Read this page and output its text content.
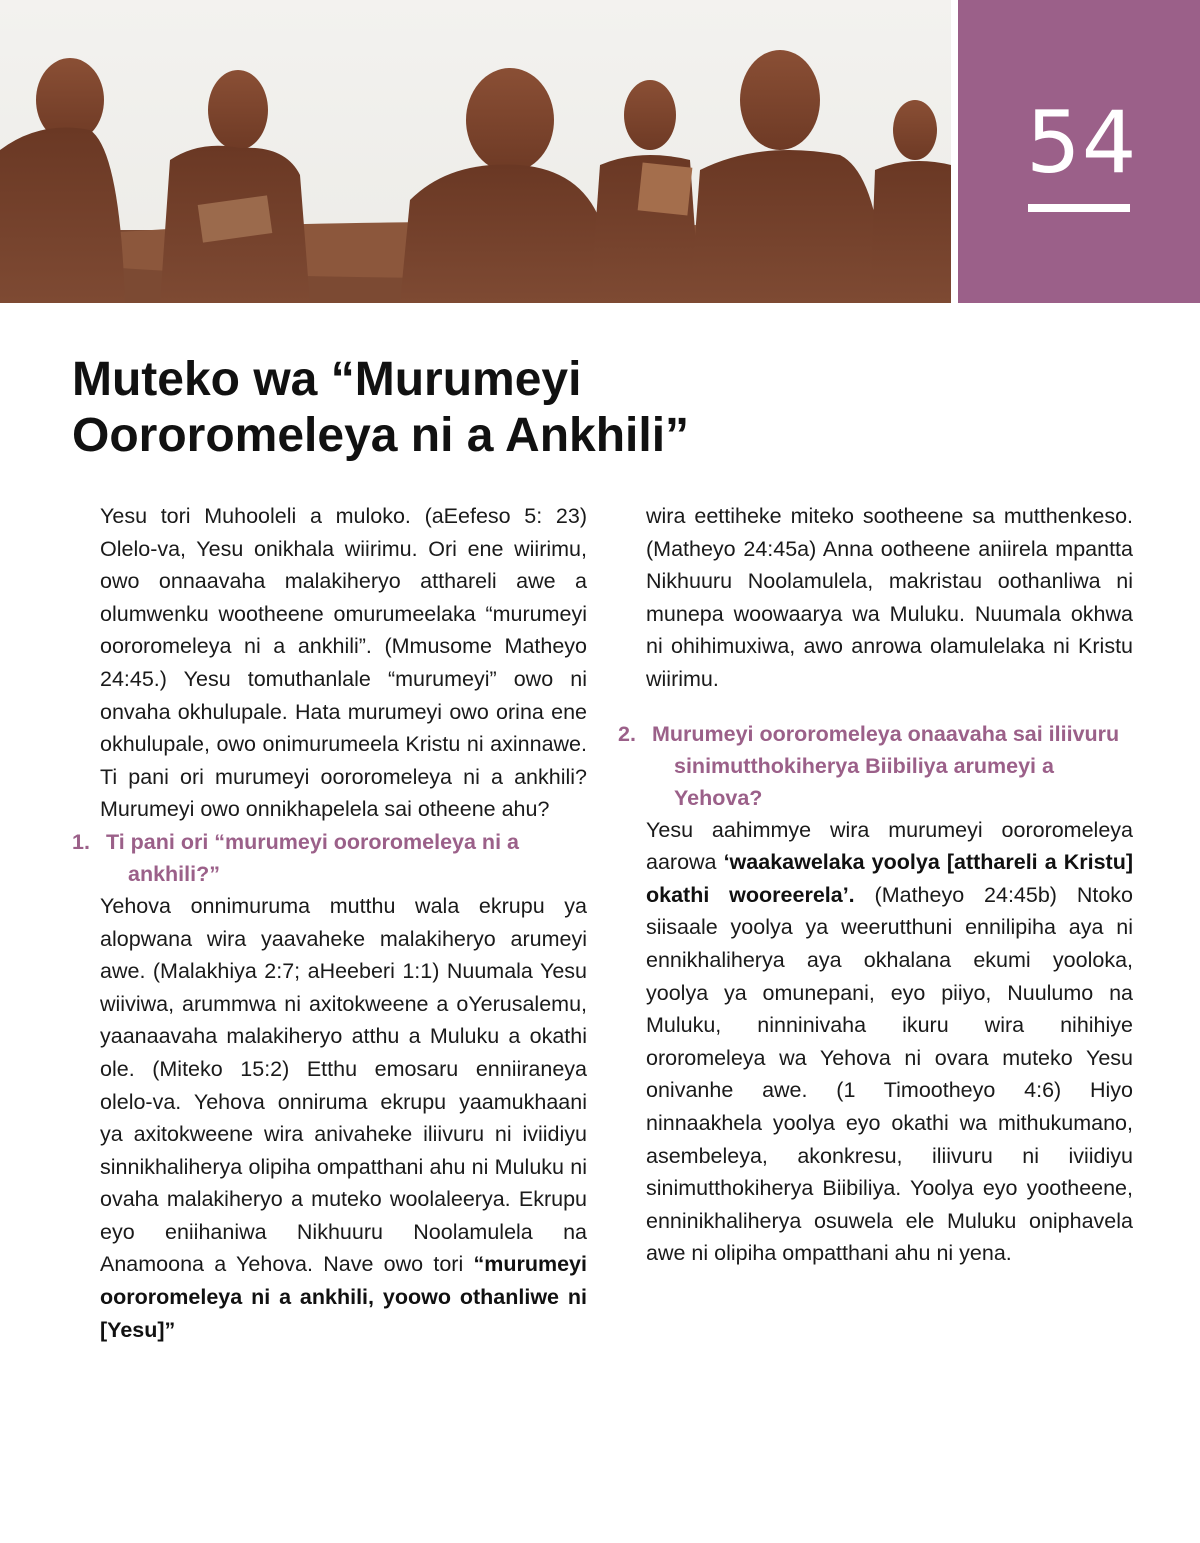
54
Muteko wa “Murumeyi
Oororomeleya ni a Ankhili”

Yesu tori Muhooleli a muloko. (aEefeso 5: 23) Olelo-va, Yesu onikhala wiirimu. Ori ene wiirimu, owo onnaavaha malakiheryo atthareli awe a olumwenku wootheene omurumeelaka “murumeyi oororomeleya ni a ankhili”. (Mmusome Matheyo 24:45.) Yesu tomuthanlale “murumeyi” owo ni onvaha okhulupale. Hata murumeyi owo orina ene okhulupale, owo onimurumeela Kristu ni axinnawe. Ti pani ori murumeyi oororomeleya ni a ankhili? Murumeyi owo onnikhapelela sai otheene ahu?

1. Ti pani ori “murumeyi oororomeleya ni a ankhili?”

Yehova onnimuruma mutthu wala ekrupu ya alopwana wira yaavaheke malakiheryo arumeyi awe. (Malakhiya 2:7; aHeeberi 1:1) Nuumala Yesu wiiviwa, arummwa ni axitokweene a oYerusalemu, yaanaavaha malakiheryo atthu a Muluku a okathi ole. (Miteko 15:2) Etthu emosaru enniiraneya olelo-va. Yehova onniruma ekrupu yaamukhaani ya axitokweene wira anivaheke iliivuru ni iviidiyu sinnikhaliherya olipiha ompatthani ahu ni Muluku ni ovaha malakiheryo a muteko woolaleerya. Ekrupu eyo eniihaniwa Nikhuuru Noolamulela na Anamoona a Yehova. Nave owo tori “murumeyi oororomeleya ni a ankhili, yoowo othanliwe ni [Yesu]”

wira eettiheke miteko sootheene sa mutthenkeso. (Matheyo 24:45a) Anna ootheene aniirela mpantta Nikhuuru Noolamulela, makristau oothanliwa ni munepa woowaarya wa Muluku. Nuumala okhwa ni ohihimuxiwa, awo anrowa olamulelaka ni Kristu wiirimu.

2. Murumeyi oororomeleya onaavaha sai iliivuru sinimutthokiherya Biibiliya arumeyi a Yehova?

Yesu aahimmye wira murumeyi oororomeleya aarowa ‘waakawelaka yoolya [atthareli a Kristu] okathi wooreerela’. (Matheyo 24:45b) Ntoko siisaale yoolya ya weerutthuni ennilipiha aya ni ennikhaliherya aya okhalana ekumi yooloka, yoolya ya omunepani, eyo piiyo, Nuulumo na Muluku, ninninivaha ikuru wira nihihiye ororomeleya wa Yehova ni ovara muteko Yesu onivanhe awe. (1 Timootheyo 4:6) Hiyo ninnaakhela yoolya eyo okathi wa mithukumano, asembeleya, akonkresu, iliivuru ni iviidiyu sinimutthokiherya Biibiliya. Yoolya eyo yootheene, enninikhaliherya osuwela ele Muluku oniphavela awe ni olipiha ompatthani ahu ni yena.
